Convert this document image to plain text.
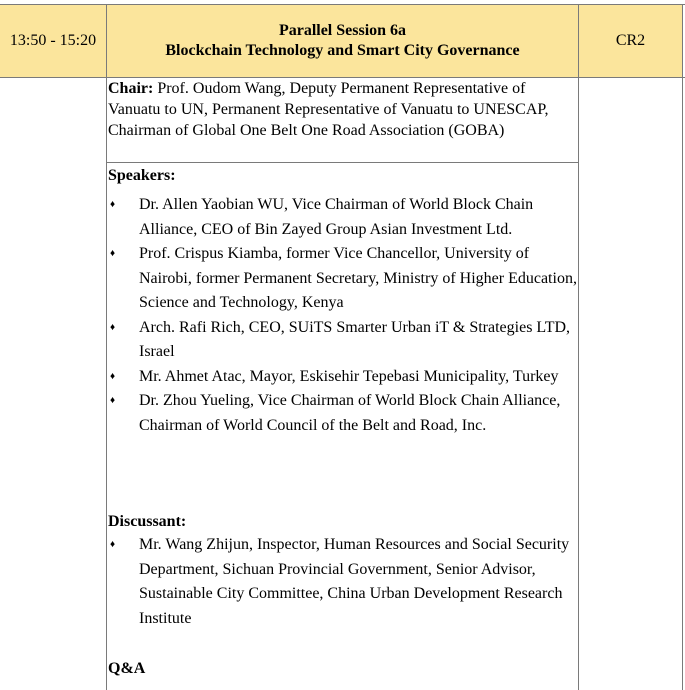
13:50 - 15:20
Parallel Session 6a
Blockchain Technology and Smart City Governance
CR2
Chair: Prof. Oudom Wang, Deputy Permanent Representative of Vanuatu to UN, Permanent Representative of Vanuatu to UNESCAP, Chairman of Global One Belt One Road Association (GOBA)
Speakers:
♦ Dr. Allen Yaobian WU, Vice Chairman of World Block Chain Alliance, CEO of Bin Zayed Group Asian Investment Ltd.
♦ Prof. Crispus Kiamba, former Vice Chancellor, University of Nairobi, former Permanent Secretary, Ministry of Higher Education, Science and Technology, Kenya
♦ Arch. Rafi Rich, CEO, SUiTS Smarter Urban iT & Strategies LTD, Israel
♦ Mr. Ahmet Atac, Mayor, Eskisehir Tepebasi Municipality, Turkey
♦ Dr. Zhou Yueling, Vice Chairman of World Block Chain Alliance, Chairman of World Council of the Belt and Road, Inc.
Discussant:
♦ Mr. Wang Zhijun, Inspector, Human Resources and Social Security Department, Sichuan Provincial Government, Senior Advisor, Sustainable City Committee, China Urban Development Research Institute
Q&A
